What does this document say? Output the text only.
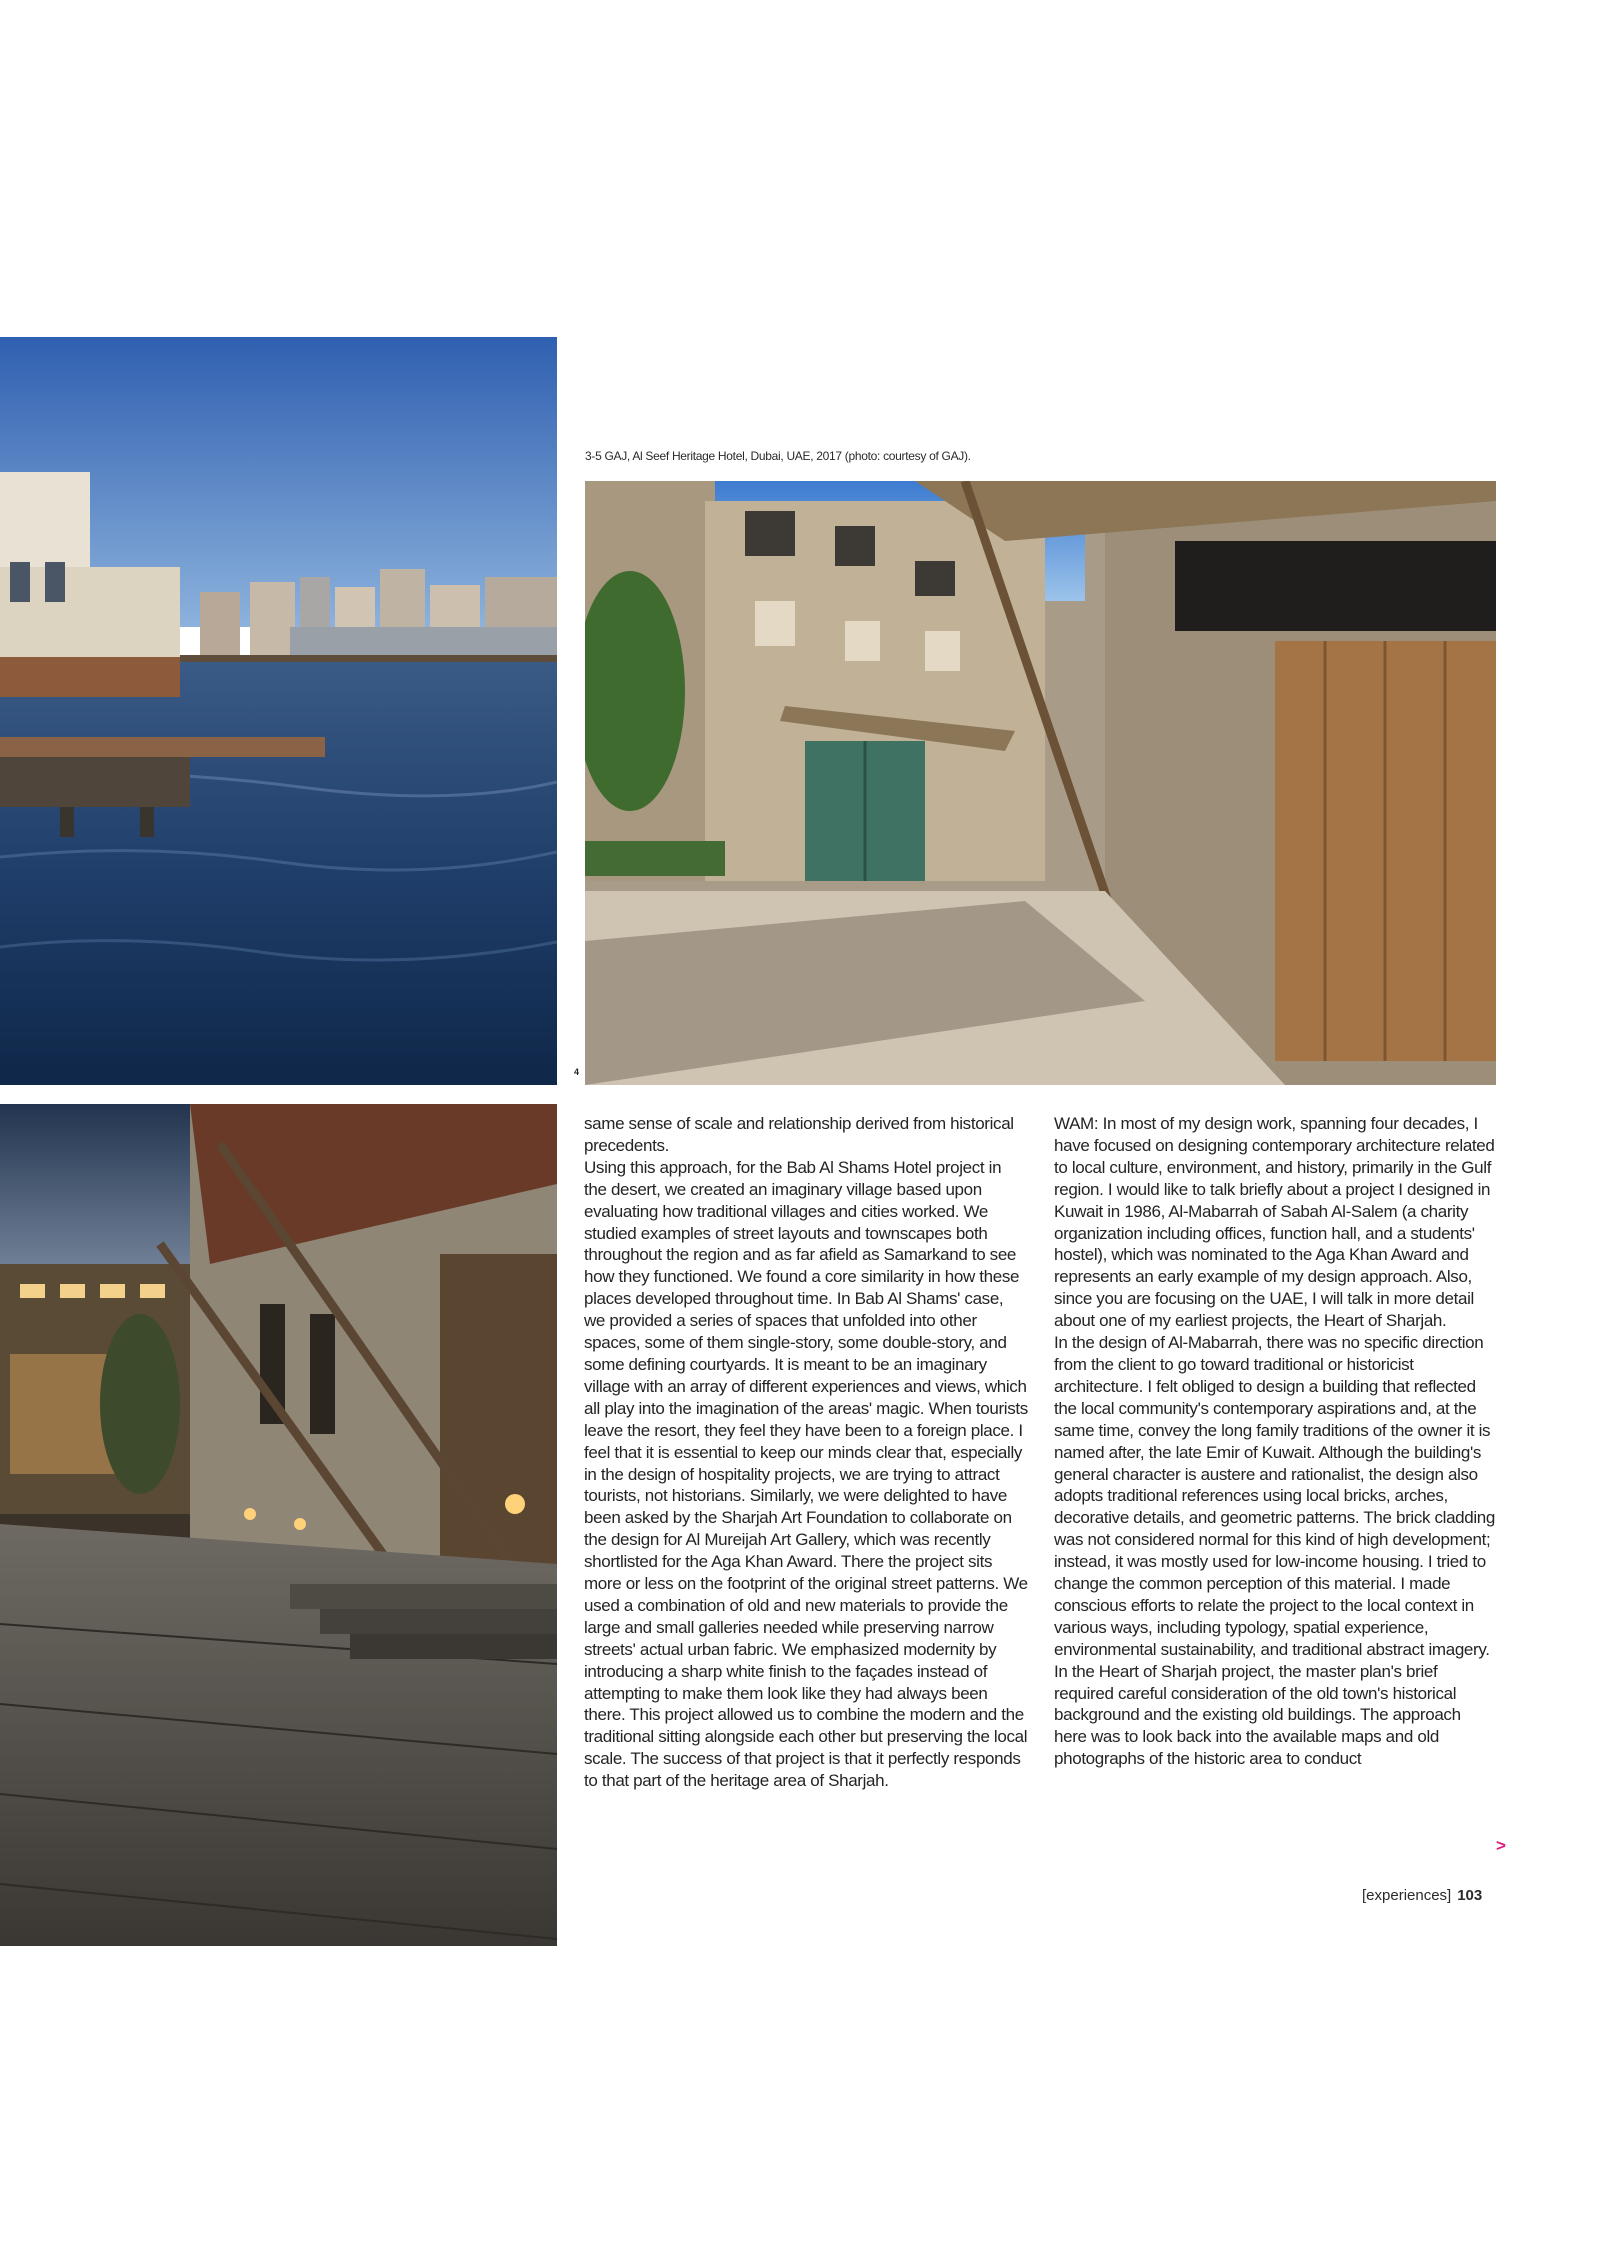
4
3-5 GAJ, Al Seef Heritage Hotel, Dubai, UAE, 2017 (photo: courtesy of GAJ).

same sense of scale and relationship derived from historical precedents.

Using this approach, for the Bab Al Shams Hotel project in the desert, we created an imaginary village based upon evaluating how traditional villages and cities worked. We studied examples of street layouts and townscapes both throughout the region and as far afield as Samarkand to see how they functioned. We found a core similarity in how these places developed throughout time. In Bab Al Shams' case, we provided a series of spaces that unfolded into other spaces, some of them single-story, some double-story, and some defining courtyards. It is meant to be an imaginary village with an array of different experiences and views, which all play into the imagination of the areas' magic. When tourists leave the resort, they feel they have been to a foreign place. I feel that it is essential to keep our minds clear that, especially in the design of hospitality projects, we are trying to attract tourists, not historians. Similarly, we were delighted to have been asked by the Sharjah Art Foundation to collaborate on the design for Al Mureijah Art Gallery, which was recently shortlisted for the Aga Khan Award. There the project sits more or less on the footprint of the original street patterns. We used a combination of old and new materials to provide the large and small galleries needed while preserving narrow streets' actual urban fabric. We emphasized modernity by introducing a sharp white finish to the façades instead of attempting to make them look like they had always been there. This project allowed us to combine the modern and the traditional sitting alongside each other but preserving the local scale. The success of that project is that it perfectly responds to that part of the heritage area of Sharjah.

WAM: In most of my design work, spanning four decades, I have focused on designing contemporary architecture related to local culture, environment, and history, primarily in the Gulf region. I would like to talk briefly about a project I designed in Kuwait in 1986, Al-Mabarrah of Sabah Al-Salem (a charity organization including offices, function hall, and a students' hostel), which was nominated to the Aga Khan Award and represents an early example of my design approach. Also, since you are focusing on the UAE, I will talk in more detail about one of my earliest projects, the Heart of Sharjah.

In the design of Al-Mabarrah, there was no specific direction from the client to go toward traditional or historicist architecture. I felt obliged to design a building that reflected the local community's contemporary aspirations and, at the same time, convey the long family traditions of the owner it is named after, the late Emir of Kuwait. Although the building's general character is austere and rationalist, the design also adopts traditional references using local bricks, arches, decorative details, and geometric patterns. The brick cladding was not considered normal for this kind of high development; instead, it was mostly used for low-income housing. I tried to change the common perception of this material. I made conscious efforts to relate the project to the local context in various ways, including typology, spatial experience, environmental sustainability, and traditional abstract imagery.

In the Heart of Sharjah project, the master plan's brief required careful consideration of the old town's historical background and the existing old buildings. The approach here was to look back into the available maps and old photographs of the historic area to conduct

>
[experiences] 103
